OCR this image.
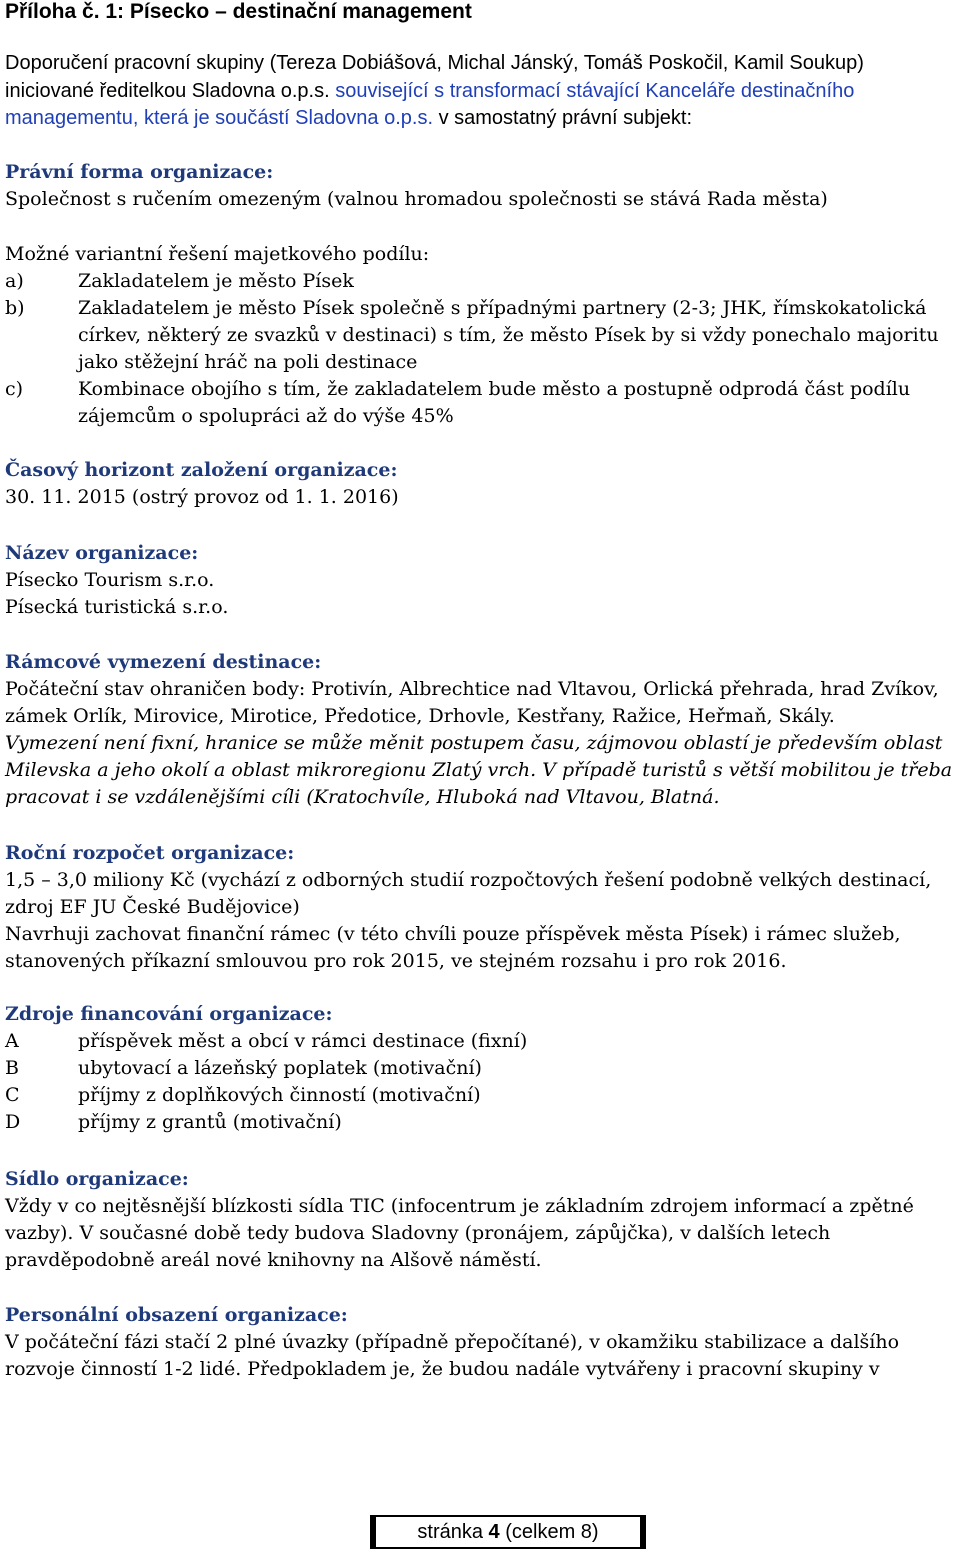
Příloha č. 1: Písecko – destinační management
Doporučení pracovní skupiny (Tereza Dobiášová, Michal Jánský, Tomáš Poskočil, Kamil Soukup)
iniciované ředitelkou Sladovna o.p.s. související s transformací stávající Kanceláře destinačního
managementu, která je součástí Sladovna o.p.s. v samostatný právní subjekt:
Právní forma organizace:
Společnost s ručením omezeným (valnou hromadou společnosti se stává Rada města)
Možné variantní řešení majetkového podílu:
a)	Zakladatelem je město Písek
b)	Zakladatelem je město Písek společně s případnými partnery (2-3; JHK, římskokatolická
církev, některý ze svazků v destinaci) s tím, že město Písek by si vždy ponechalo majoritu
jako stěžejní hráč na poli destinace
c)	Kombinace obojího s tím, že zakladatelem bude město a postupně odprodá část podílu
zájemcům o spolupráci až do výše 45%
Časový horizont založení organizace:
30. 11. 2015 (ostrý provoz od 1. 1. 2016)
Název organizace:
Písecko Tourism s.r.o.
Písecká turistická s.r.o.
Rámcové vymezení destinace:
Počáteční stav ohraničen body: Protivín, Albrechtice nad Vltavou, Orlická přehrada, hrad Zvíkov,
zámek Orlík, Mirovice, Mirotice, Předotice, Drhovle, Kestřany, Ražice, Heřmaň, Skály.
Vymezení není fixní, hranice se může měnit postupem času, zájmovou oblastí je především oblast
Milevska a jeho okolí a oblast mikroregionu Zlatý vrch. V případě turistů s větší mobilitou je třeba
pracovat i se vzdálenějšími cíli (Kratochvíle, Hluboká nad Vltavou, Blatná.
Roční rozpočet organizace:
1,5 – 3,0 miliony Kč (vychází z odborných studií rozpočtových řešení podobně velkých destinací,
zdroj EF JU České Budějovice)
Navrhuji zachovat finanční rámec (v této chvíli pouze příspěvek města Písek) i rámec služeb,
stanovených příkazní smlouvou pro rok 2015, ve stejném rozsahu i pro rok 2016.
Zdroje financování organizace:
A	příspěvek měst a obcí v rámci destinace (fixní)
B	ubytovací a lázeňský poplatek (motivační)
C	příjmy z doplňkových činností (motivační)
D	příjmy z grantů (motivační)
Sídlo organizace:
Vždy v co nejtěsnější blízkosti sídla TIC (infocentrum je základním zdrojem informací a zpětné
vazby). V současné době tedy budova Sladovny (pronájem, zápůjčka), v dalších letech
pravděpodobně areál nové knihovny na Alšově náměstí.
Personální obsazení organizace:
V počáteční fázi stačí 2 plné úvazky (případně přepočítané), v okamžiku stabilizace a dalšího
rozvoje činností 1-2 lidé. Předpokladem je, že budou nadále vytvářeny i pracovní skupiny v
stránka 4 (celkem 8)
